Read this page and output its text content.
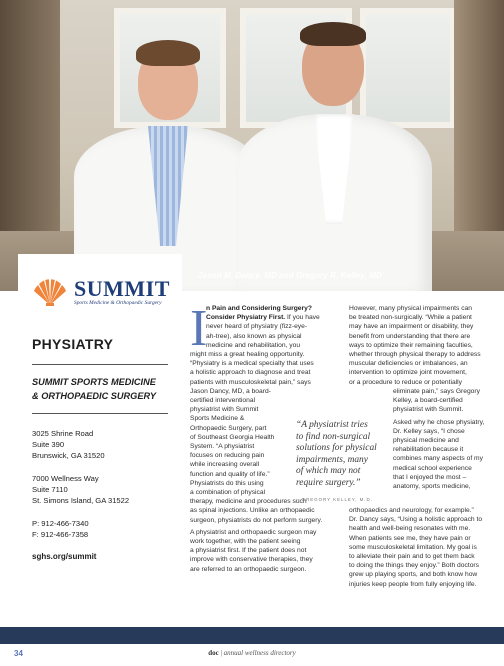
Jason M. Dancy, MD and Gregory R. Kelley, MD
SUMMIT
Sports Medicine & Orthopaedic Surgery
PHYSIATRY
SUMMIT SPORTS MEDICINE
& ORTHOPAEDIC SURGERY
3025 Shrine Road
Suite 390
Brunswick, GA 31520
7000 Wellness Way
Suite 7110
St. Simons Island, GA 31522
P: 912-466-7340
F: 912-466-7358
sghs.org/summit
I

n Pain and Considering Surgery?

Consider Physiatry First. If you have

never heard of physiatry (fizz-eye-

ah-tree), also known as physical

medicine and rehabilitation, you

might miss a great healing opportunity.

“Physiatry is a medical specialty that uses

a holistic approach to diagnose and treat

patients with musculoskeletal pain,” says

Jason Dancy, MD, a board-

certified interventional

physiatrist with Summit

Sports Medicine &

Orthopaedic Surgery, part

of Southeast Georgia Health

System. “A physiatrist

focuses on reducing pain

while increasing overall

function and quality of life.”

Physiatrists do this using

a combination of physical

therapy, medicine and procedures such

as spinal injections. Unlike an orthopaedic

surgeon, physiatrists do not perform surgery.

A physiatrist and orthopaedic surgeon may

work together, with the patient seeing

a physiatrist first. If the patient does not

improve with conservative therapies, they

are referred to an orthopaedic surgeon.

“A physiatrist tries
to find non-surgical
solutions for physical
impairments, many
of which may not
require surgery.”
– GREGORY KELLEY, M.D.

However, many physical impairments can

be treated non-surgically. “While a patient

may have an impairment or disability, they

benefit from understanding that there are

ways to optimize their remaining faculties,

whether through physical therapy to address

muscular deficiencies or imbalances, an

intervention to optimize joint movement,

or a procedure to reduce or potentially

eliminate pain,” says Gregory

Kelley, a board-certified

physiatrist with Summit.

Asked why he chose physiatry,

Dr. Kelley says, “I chose

physical medicine and

rehabilitation because it

combines many aspects of my

medical school experience

that I enjoyed the most –

anatomy, sports medicine,

orthopaedics and neurology, for example.”

Dr. Dancy says, “Using a holistic approach to

health and well-being resonates with me.

When patients see me, they have pain or

some musculoskeletal limitation. My goal is

to alleviate their pain and to get them back

to doing the things they enjoy.” Both doctors

grew up playing sports, and both know how

injuries keep people from fully enjoying life.

34	doc | annual wellness directory
